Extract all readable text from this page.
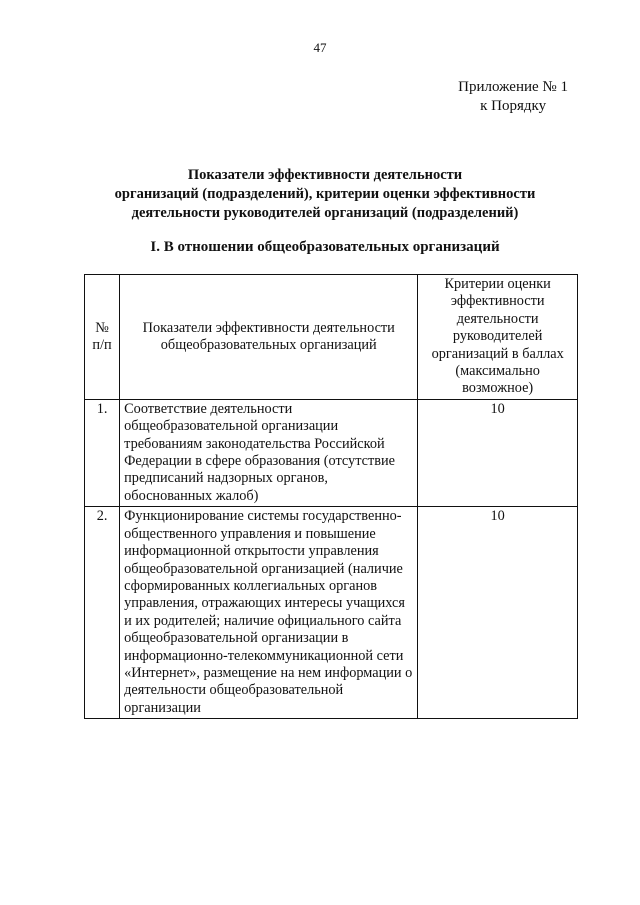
47
Приложение № 1
к Порядку
Показатели эффективности деятельности
организаций (подразделений), критерии оценки эффективности
деятельности руководителей организаций (подразделений)
I. В отношении общеобразовательных организаций
№ п/п	Показатели эффективности деятельности общеобразовательных организаций	Критерии оценки эффективности деятельности руководителей организаций в баллах (максимально возможное)
1.	Соответствие деятельности общеобразовательной организации требованиям законодательства Российской Федерации в сфере образования (отсутствие предписаний надзорных органов, обоснованных жалоб)	10
2.	Функционирование системы государственно-общественного управления и повышение информационной открытости управления общеобразовательной организацией (наличие сформированных коллегиальных органов управления, отражающих интересы учащихся и их родителей; наличие официального сайта общеобразовательной организации в информационно-телекоммуникационной сети «Интернет», размещение на нем информации о деятельности общеобразовательной организации	10
